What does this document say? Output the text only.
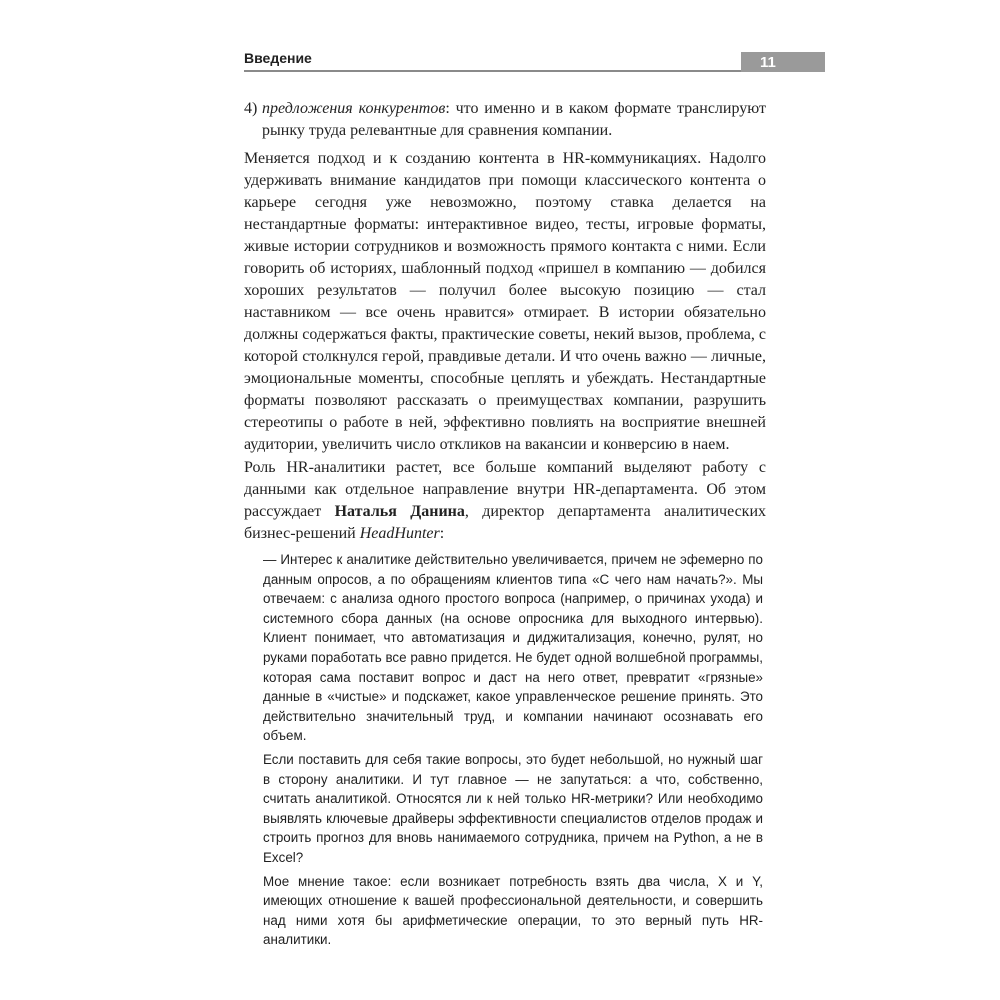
Введение	11
4) предложения конкурентов: что именно и в каком формате транслируют рынку труда релевантные для сравнения компании.

Меняется подход и к созданию контента в HR-коммуникациях. Надолго удерживать внимание кандидатов при помощи классического контента о карьере сегодня уже невозможно, поэтому ставка делается на нестандартные форматы: интерактивное видео, тесты, игровые форматы, живые истории сотрудников и возможность прямого контакта с ними. Если говорить об историях, шаблонный подход «пришел в компанию — добился хороших результатов — получил более высокую позицию — стал наставником — все очень нравится» отмирает. В истории обязательно должны содержаться факты, практические советы, некий вызов, проблема, с которой столкнулся герой, правдивые детали. И что очень важно — личные, эмоциональные моменты, способные цеплять и убеждать. Нестандартные форматы позволяют рассказать о преимуществах компании, разрушить стереотипы о работе в ней, эффективно повлиять на восприятие внешней аудитории, увеличить число откликов на вакансии и конверсию в наем.

Роль HR-аналитики растет, все больше компаний выделяют работу с данными как отдельное направление внутри HR-департамента. Об этом рассуждает Наталья Данина, директор департамента аналитических бизнес-решений HeadHunter:

— Интерес к аналитике действительно увеличивается, причем не эфемерно по данным опросов, а по обращениям клиентов типа «С чего нам начать?». Мы отвечаем: с анализа одного простого вопроса (например, о причинах ухода) и системного сбора данных (на основе опросника для выходного интервью). Клиент понимает, что автоматизация и диджитализация, конечно, рулят, но руками поработать все равно придется. Не будет одной волшебной программы, которая сама поставит вопрос и даст на него ответ, превратит «грязные» данные в «чистые» и подскажет, какое управленческое решение принять. Это действительно значительный труд, и компании начинают осознавать его объем.

Если поставить для себя такие вопросы, это будет небольшой, но нужный шаг в сторону аналитики. И тут главное — не запутаться: а что, собственно, считать аналитикой. Относятся ли к ней только HR-метрики? Или необходимо выявлять ключевые драйверы эффективности специалистов отделов продаж и строить прогноз для вновь нанимаемого сотрудника, причем на Python, а не в Excel?

Мое мнение такое: если возникает потребность взять два числа, X и Y, имеющих отношение к вашей профессиональной деятельности, и совершить над ними хотя бы арифметические операции, то это верный путь HR-аналитики.
